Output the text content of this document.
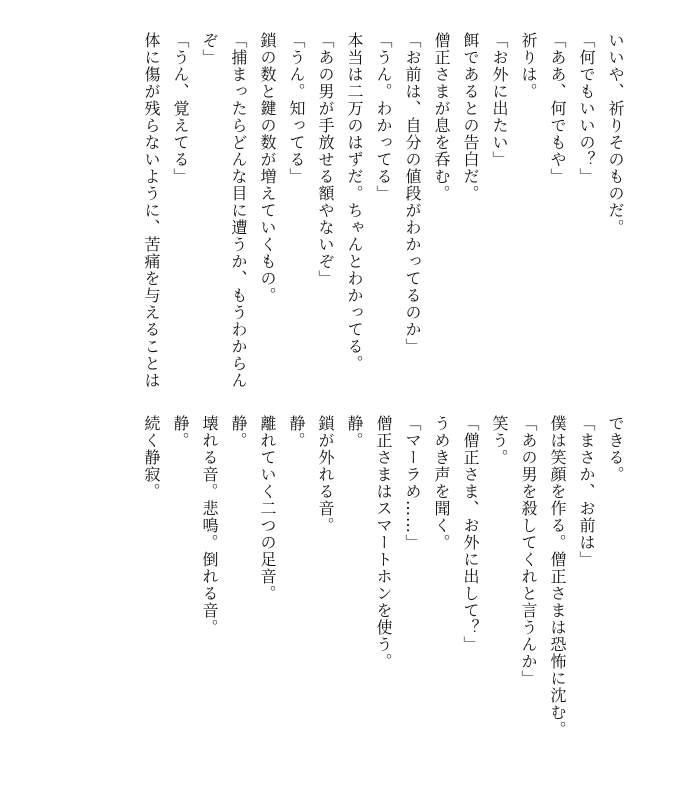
いいや、祈りそのものだ。
「何でもいいの？」
「ああ、何でもや」
祈りは。
「お外に出たい」
餌であるとの告白だ。
僧正さまが息を呑む。
「お前は、自分の値段がわかってるのか」
「うん。わかってる」
本当は二万のはずだ。ちゃんとわかってる。
「あの男が手放せる額やないぞ」
「うん。知ってる」
鎖の数と鍵の数が増えていくもの。
「捕まったらどんな目に遭うか、もうわからん
ぞ」
「うん、覚えてる」
体に傷が残らないように、苦痛を与えることは
できる。
「まさか、お前は」
僕は笑顔を作る。僧正さまは恐怖に沈む。
「あの男を殺してくれと言うんか」
笑う。
「僧正さま、お外に出して？」
うめき声を聞く。
「マーラめ……」
僧正さまはスマートホンを使う。
静。
鎖が外れる音。
静。
離れていく二つの足音。
静。
壊れる音。悲鳴。倒れる音。
静。
続く静寂。
